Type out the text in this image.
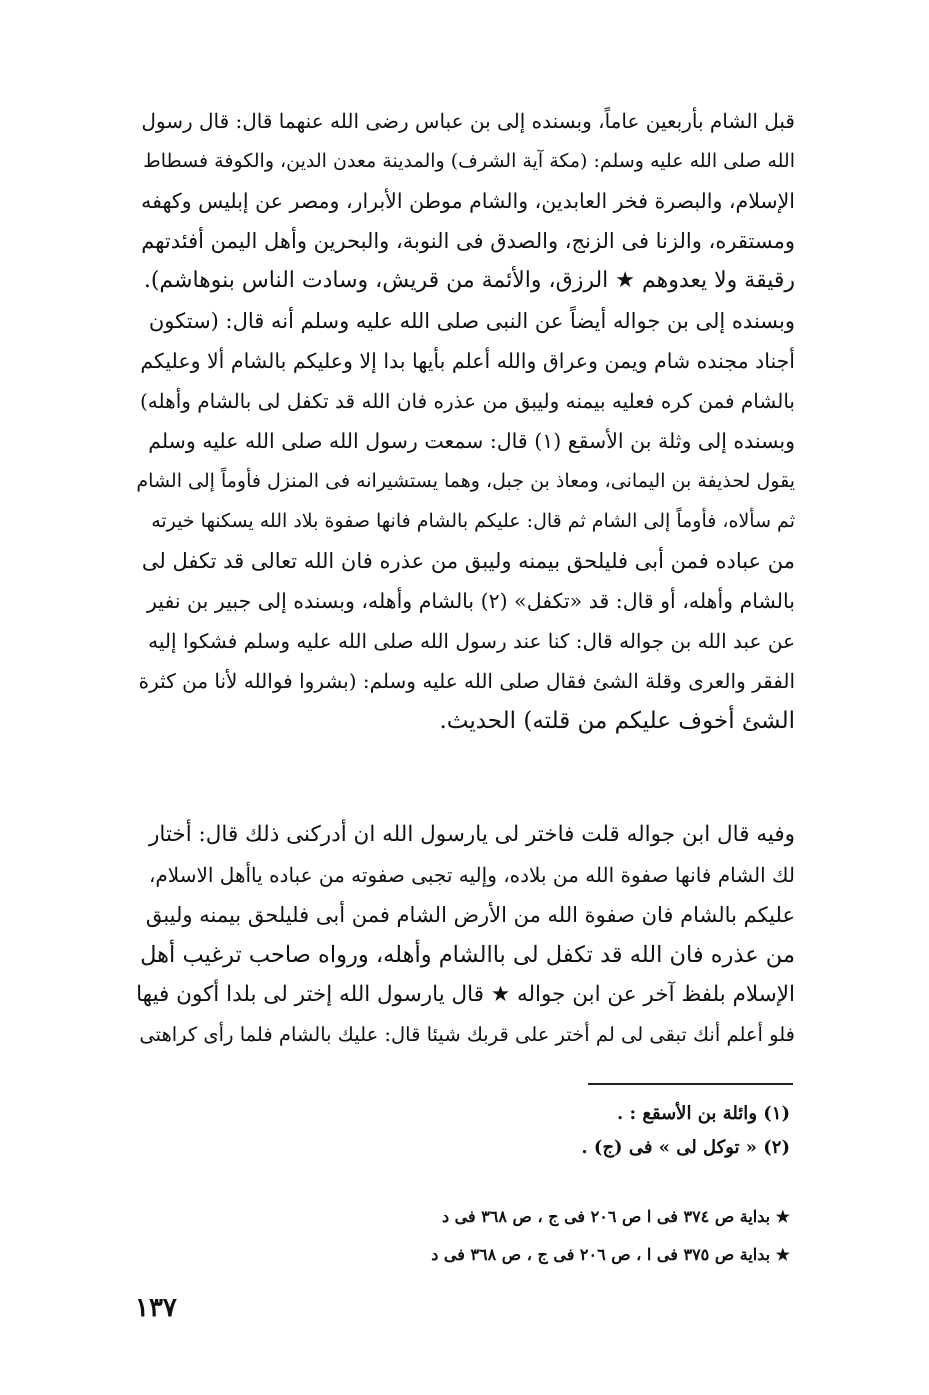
قبل الشام بأربعين عاماً، وبسنده إلى بن عباس رضى الله عنهما قال: قال رسول
الله صلى الله عليه وسلم: (مكة آية الشرف) والمدينة معدن الدين، والكوفة فسطاط
الإسلام، والبصرة فخر العابدين، والشام موطن الأبرار، ومصر عن إبليس وكهفه
ومستقره، والزنا فى الزنج، والصدق فى النوبة، والبحرين وأهل اليمن أفئدتهم
رقيقة ولا يعدوهم ★ الرزق، والأئمة من قريش، وسادت الناس بنوهاشم).
وبسنده إلى بن جواله أيضاً عن النبى صلى الله عليه وسلم أنه قال: (ستكون
أجناد مجنده شام ويمن وعراق والله أعلم بأيها بدا إلا وعليكم بالشام ألا وعليكم
بالشام فمن كره فعليه بيمنه وليبق من عذره فان الله قد تكفل لى بالشام وأهله)
وبسنده إلى وثلة بن الأسقع (١) قال: سمعت رسول الله صلى الله عليه وسلم
يقول لحذيفة بن اليمانى، ومعاذ بن جبل، وهما يستشيرانه فى المنزل فأوماً إلى الشام
ثم سألاه، فأوماً إلى الشام ثم قال: عليكم بالشام فانها صفوة بلاد الله يسكنها خيرته
من عباده فمن أبى فليلحق بيمنه وليبق من عذره فان الله تعالى قد تكفل لى
بالشام وأهله، أو قال: قد «تكفل» (٢) بالشام وأهله، وبسنده إلى جبير بن نفير
عن عبد الله بن جواله قال: كنا عند رسول الله صلى الله عليه وسلم فشكوا إليه
الفقر والعرى وقلة الشئ فقال صلى الله عليه وسلم: (بشروا فوالله لأنا من كثرة
الشئ أخوف عليكم من قلته) الحديث.
وفيه قال ابن جواله قلت فاختر لى يارسول الله ان أدركنى ذلك قال: أختار
لك الشام فانها صفوة الله من بلاده، وإليه تجبى صفوته من عباده ياأهل الاسلام،
عليكم بالشام فان صفوة الله من الأرض الشام فمن أبى فليلحق بيمنه وليبق
من عذره فان الله قد تكفل لى باالشام وأهله، ورواه صاحب ترغيب أهل
الإسلام بلفظ آخر عن ابن جواله ★ قال يارسول الله إختر لى بلدا أكون فيها
فلو أعلم أنك تبقى لى لم أختر على قربك شيئا قال: عليك بالشام فلما رأى كراهتى
(١) وائلة بن الأسقع : .
(٢) « توكل لى » فى (ج) .
★ بداية ص ٣٧٤ فى ا ص ٢٠٦ فى ج ، ص ٣٦٨ فى د
★ بداية ص ٣٧٥ فى ا ، ص ٢٠٦ فى ج ، ص ٣٦٨ فى د
١٣٧
